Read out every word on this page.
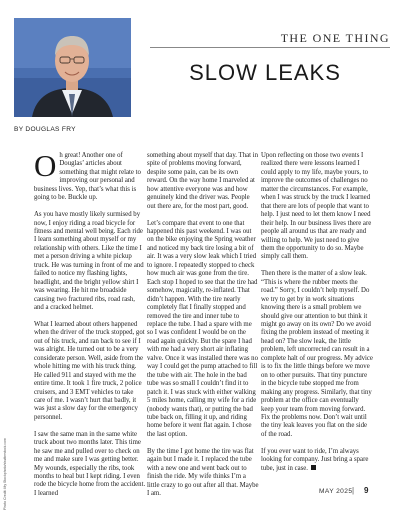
THE ONE THING
SLOW LEAKS
BY DOUGLAS FRY
Photo Credit: My Stockphoto/shutterstock.com

Oh great! Another one of Douglas’ articles about something that might relate to improving our personal and business lives. Yep, that’s what this is going to be. Buckle up.

As you have mostly likely surmised by now, I enjoy riding a road bicycle for fitness and mental well being. Each ride I learn something about myself or my relationship with others. Like the time I met a person driving a white pickup truck. He was turning in front of me and failed to notice my flashing lights, headlight, and the bright yellow shirt I was wearing. He hit me broadside causing two fractured ribs, road rash, and a cracked helmet.

What I learned about others happened when the driver of the truck stopped, got out of his truck, and ran back to see if I was alright. He turned out to be a very considerate person. Well, aside from the whole hitting me with his truck thing. He called 911 and stayed with me the entire time. It took 1 fire truck, 2 police cruisers, and 3 EMT vehicles to take care of me. I wasn’t hurt that badly, it was just a slow day for the emergency personnel.

I saw the same man in the same white truck about two months later. This time he saw me and pulled over to check on me and make sure I was getting better. My wounds, especially the ribs, took months to heal but I kept riding. I even rode the bicycle home from the accident. I learned

something about myself that day. That in spite of problems moving forward, despite some pain, can be its own reward. On the way home I marveled at how attentive everyone was and how genuinely kind the driver was. People out there are, for the most part, good.

Let’s compare that event to one that happened this past weekend. I was out on the bike enjoying the Spring weather and noticed my back tire losing a bit of air. It was a very slow leak which I tried to ignore. I repeatedly stopped to check how much air was gone from the tire. Each stop I hoped to see that the tire had somehow, magically, re-inflated. That didn’t happen. With the tire nearly completely flat I finally stopped and removed the tire and inner tube to replace the tube. I had a spare with me so I was confident I would be on the road again quickly. But the spare I had with me had a very short air inflating valve. Once it was installed there was no way I could get the pump attached to fill the tube with air. The hole in the bad tube was so small I couldn’t find it to patch it. I was stuck with either walking 5 miles home, calling my wife for a ride (nobody wants that), or putting the bad tube back on, filling it up, and riding home before it went flat again. I chose the last option.

By the time I got home the tire was flat again but I made it. I replaced the tube with a new one and went back out to finish the ride. My wife thinks I’m a little crazy to go out after all that. Maybe I am.

Upon reflecting on those two events I realized there were lessons learned I could apply to my life, maybe yours, to improve the outcomes of challenges no matter the circumstances. For example, when I was struck by the truck I learned that there are lots of people that want to help. I just need to let them know I need their help. In our business lives there are people all around us that are ready and willing to help. We just need to give them the opportunity to do so. Maybe simply call them.

Then there is the matter of a slow leak. “This is where the rubber meets the road.” Sorry, I couldn’t help myself. Do we try to get by in work situations knowing there is a small problem we should give our attention to but think it might go away on its own? Do we avoid fixing the problem instead of meeting it head on? The slow leak, the little problem, left uncorrected can result in a complete halt of our progress. My advice is to fix the little things before we move on to other pursuits. That tiny puncture in the bicycle tube stopped me from making any progress. Similarly, that tiny problem at the office can eventually keep your team from moving forward. Fix the problems now. Don’t wait until the tiny leak leaves you flat on the side of the road.

If you ever want to ride, I’m always looking for company. Just bring a spare tube, just in case.

MAY 2025 | 9
